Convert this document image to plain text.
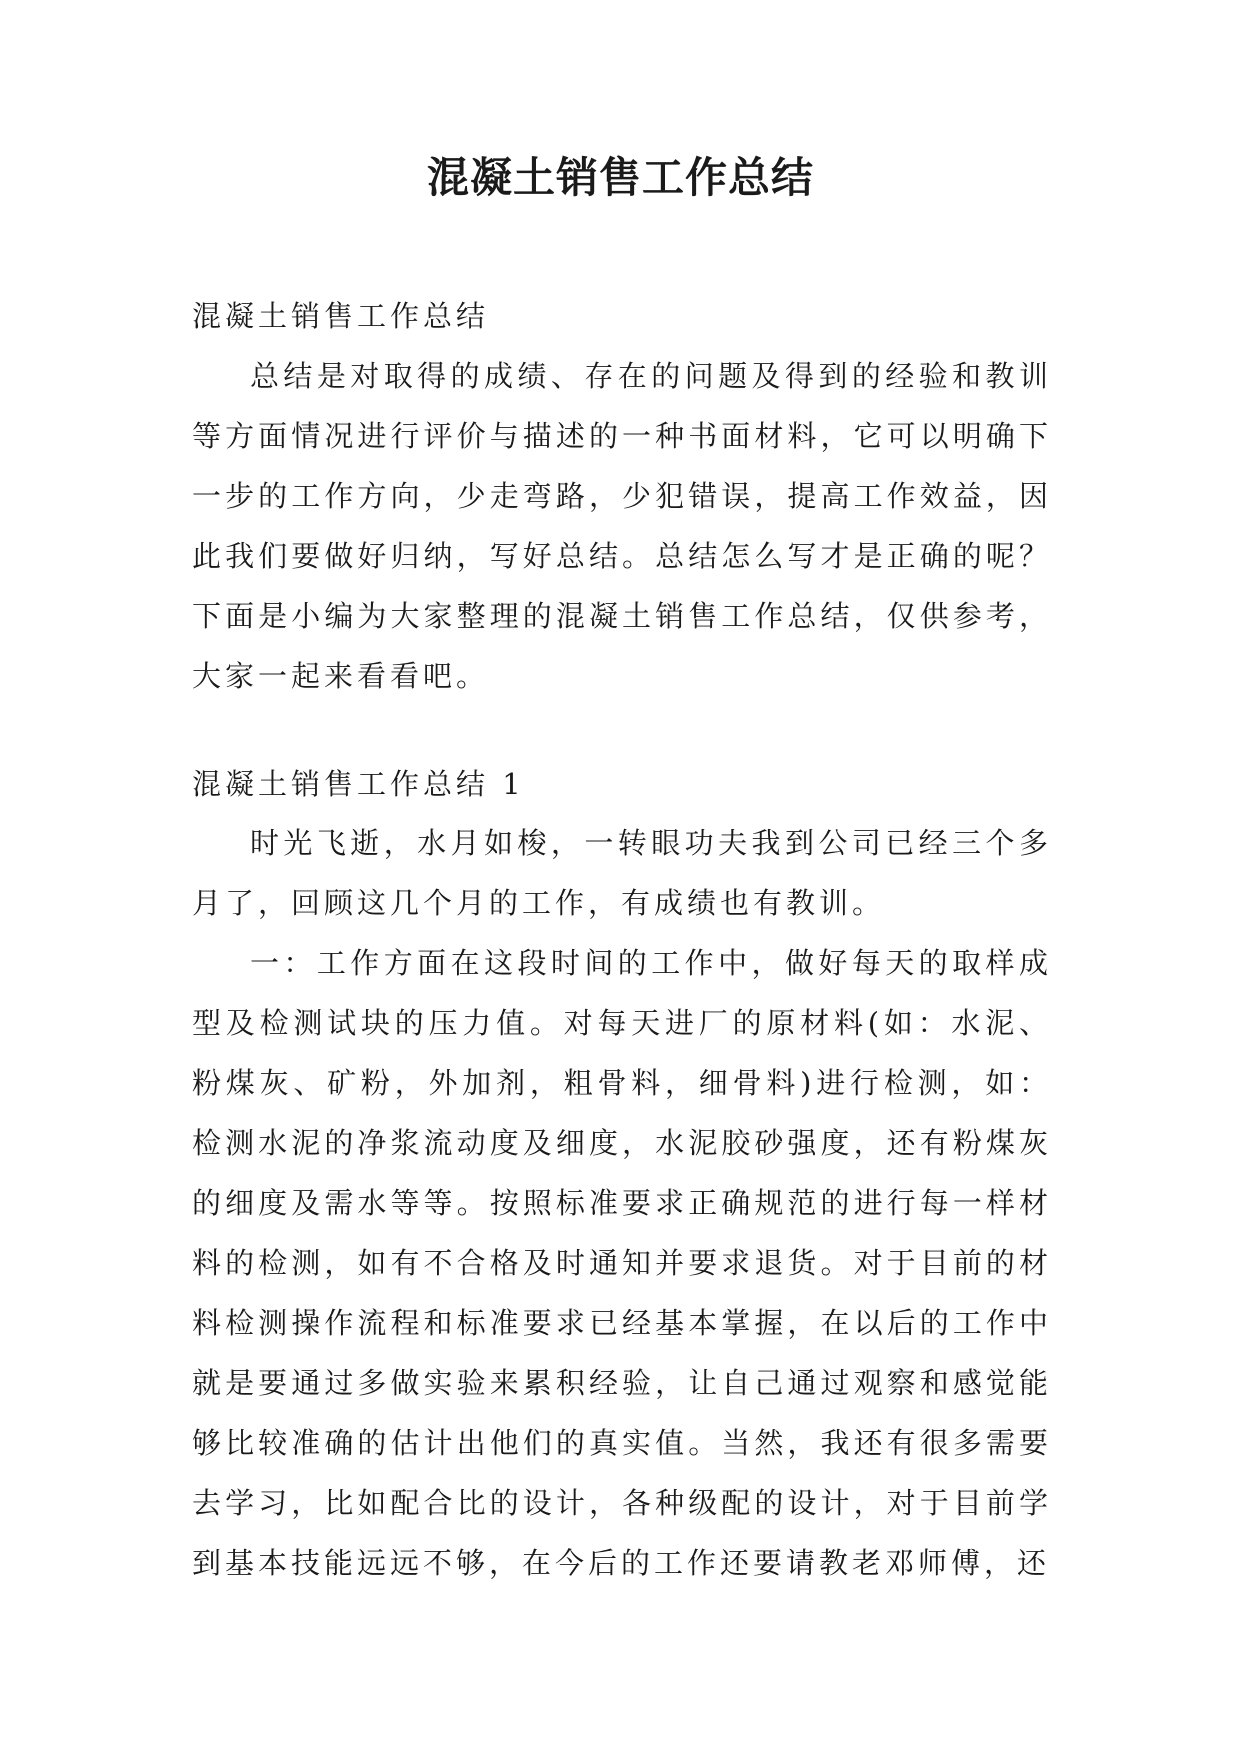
混凝土销售工作总结

混凝土销售工作总结

总结是对取得的成绩、存在的问题及得到的经验和教训等方面情况进行评价与描述的一种书面材料，它可以明确下一步的工作方向，少走弯路，少犯错误，提高工作效益，因此我们要做好归纳，写好总结。总结怎么写才是正确的呢？下面是小编为大家整理的混凝土销售工作总结，仅供参考，大家一起来看看吧。

混凝土销售工作总结 1

时光飞逝，水月如梭，一转眼功夫我到公司已经三个多月了，回顾这几个月的工作，有成绩也有教训。

一：工作方面在这段时间的工作中，做好每天的取样成型及检测试块的压力值。对每天进厂的原材料(如：水泥、粉煤灰、矿粉，外加剂，粗骨料，细骨料)进行检测，如：检测水泥的净浆流动度及细度，水泥胶砂强度，还有粉煤灰的细度及需水等等。按照标准要求正确规范的进行每一样材料的检测，如有不合格及时通知并要求退货。对于目前的材料检测操作流程和标准要求已经基本掌握，在以后的工作中就是要通过多做实验来累积经验，让自己通过观察和感觉能够比较准确的估计出他们的真实值。当然，我还有很多需要去学习，比如配合比的设计，各种级配的设计，对于目前学到基本技能远远不够，在今后的工作还要请教老邓师傅，还
